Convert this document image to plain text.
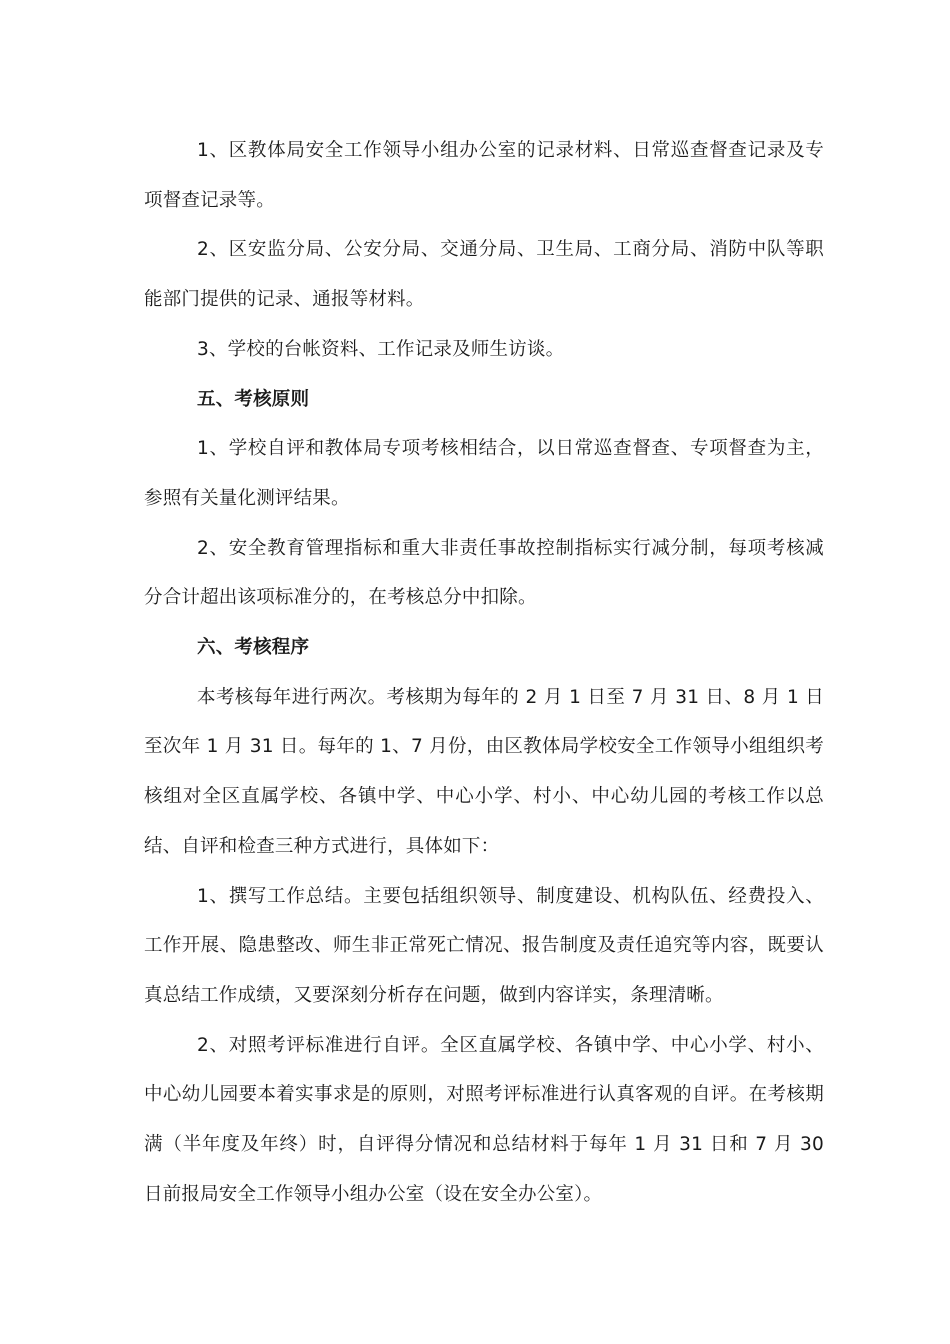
1、区教体局安全工作领导小组办公室的记录材料、日常巡查督查记录及专项督查记录等。

2、区安监分局、公安分局、交通分局、卫生局、工商分局、消防中队等职能部门提供的记录、通报等材料。

3、学校的台帐资料、工作记录及师生访谈。

五、考核原则

1、学校自评和教体局专项考核相结合，以日常巡查督查、专项督查为主，参照有关量化测评结果。

2、安全教育管理指标和重大非责任事故控制指标实行减分制，每项考核减分合计超出该项标准分的，在考核总分中扣除。

六、考核程序

本考核每年进行两次。考核期为每年的 2 月 1 日至 7 月 31 日、8 月 1 日至次年 1 月 31 日。每年的 1、7 月份，由区教体局学校安全工作领导小组组织考核组对全区直属学校、各镇中学、中心小学、村小、中心幼儿园的考核工作以总结、自评和检查三种方式进行，具体如下：

1、撰写工作总结。主要包括组织领导、制度建设、机构队伍、经费投入、工作开展、隐患整改、师生非正常死亡情况、报告制度及责任追究等内容，既要认真总结工作成绩，又要深刻分析存在问题，做到内容详实，条理清晰。

2、对照考评标准进行自评。全区直属学校、各镇中学、中心小学、村小、中心幼儿园要本着实事求是的原则，对照考评标准进行认真客观的自评。在考核期满（半年度及年终）时，自评得分情况和总结材料于每年 1 月 31 日和 7 月 30 日前报局安全工作领导小组办公室（设在安全办公室）。
